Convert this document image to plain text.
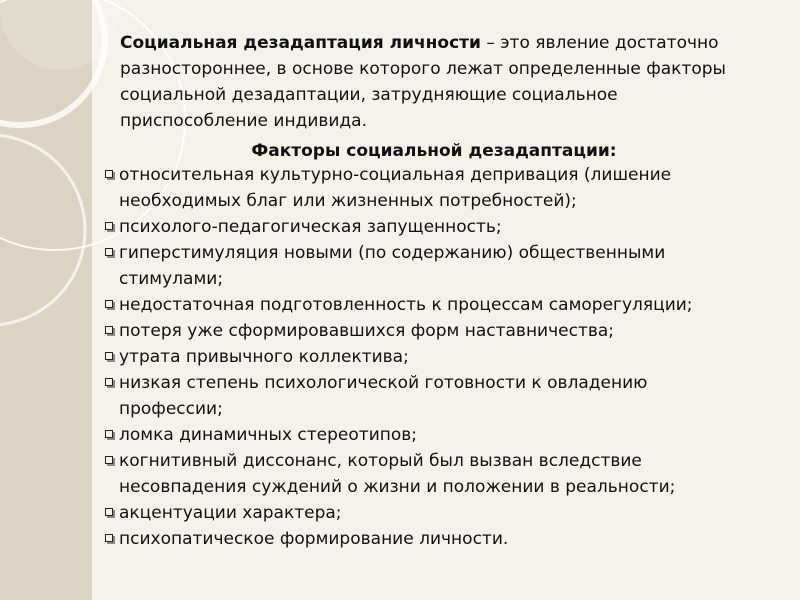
Социальная дезадаптация личности – это явление достаточно разностороннее, в основе которого лежат определенные факторы социальной дезадаптации, затрудняющие социальное приспособление индивида.
Факторы социальной дезадаптации:
относительная культурно-социальная депривация (лишение необходимых благ или жизненных потребностей);
психолого-педагогическая запущенность;
гиперстимуляция новыми (по содержанию) общественными стимулами;
недостаточная подготовленность к процессам саморегуляции;
потеря уже сформировавшихся форм наставничества;
утрата привычного коллектива;
низкая степень психологической готовности к овладению профессии;
ломка динамичных стереотипов;
когнитивный диссонанс, который был вызван вследствие несовпадения суждений о жизни и положении в реальности;
акцентуации характера;
психопатическое формирование личности.
